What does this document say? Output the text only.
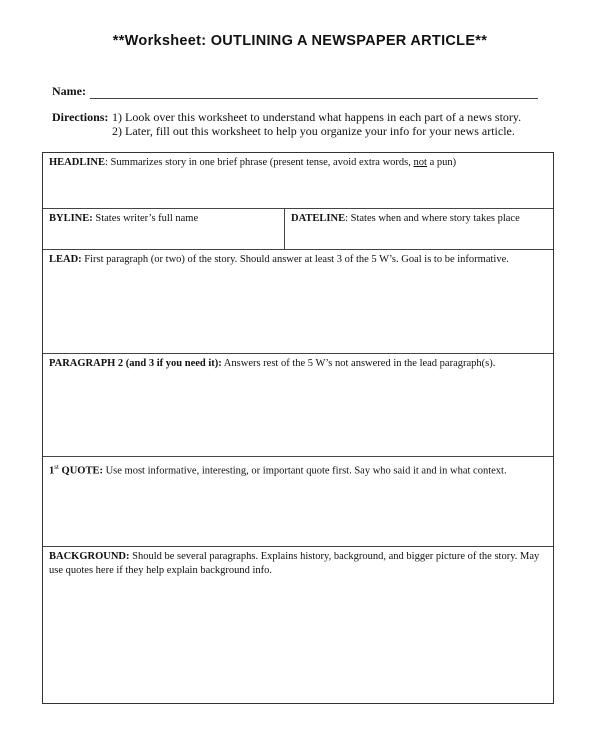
**Worksheet: OUTLINING A NEWSPAPER ARTICLE**
Name:
Directions: 1) Look over this worksheet to understand what happens in each part of a news story.
2) Later, fill out this worksheet to help you organize your info for your news article.
HEADLINE: Summarizes story in one brief phrase (present tense, avoid extra words, not a pun)
BYLINE: States writer’s full name	DATELINE: States when and where story takes place
LEAD: First paragraph (or two) of the story. Should answer at least 3 of the 5 W’s. Goal is to be informative.
PARAGRAPH 2 (and 3 if you need it): Answers rest of the 5 W’s not answered in the lead paragraph(s).
1st QUOTE: Use most informative, interesting, or important quote first. Say who said it and in what context.
BACKGROUND: Should be several paragraphs. Explains history, background, and bigger picture of the story. May use quotes here if they help explain background info.
